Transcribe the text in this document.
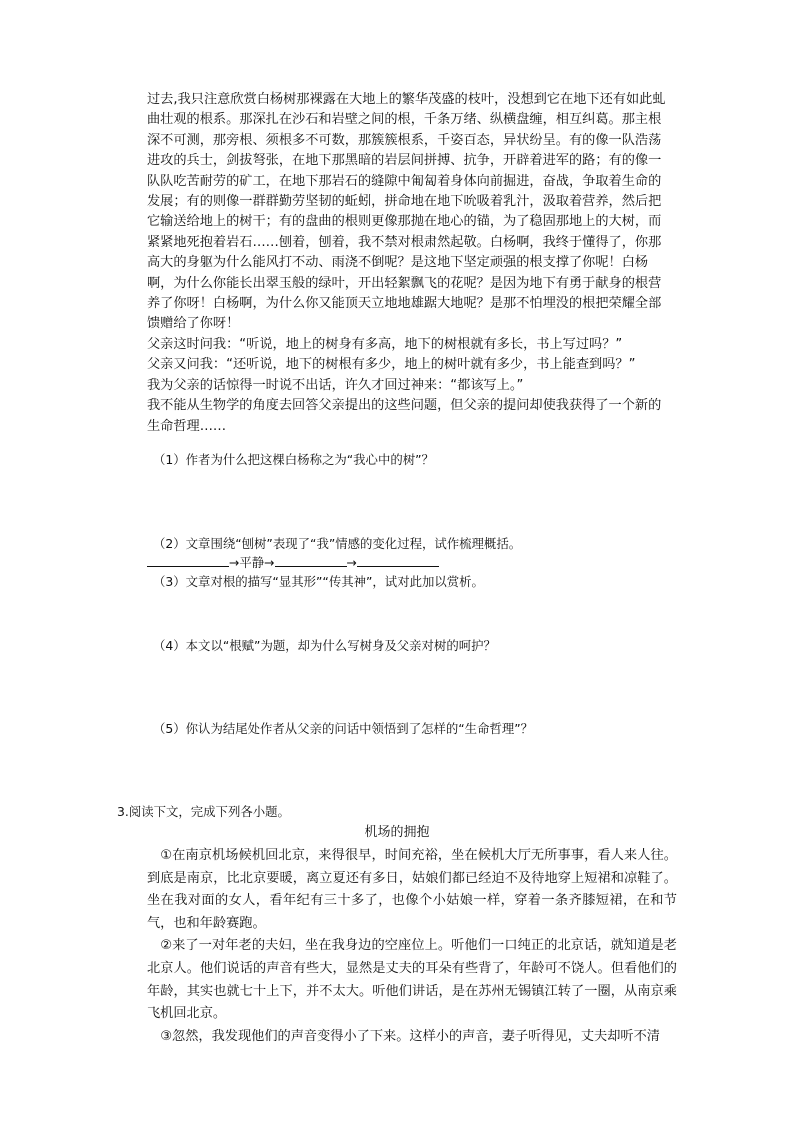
过去,我只注意欣赏白杨树那裸露在大地上的繁华茂盛的枝叶，没想到它在地下还有如此虬曲壮观的根系。那深扎在沙石和岩壁之间的根，千条万绪、纵横盘缠，相互纠葛。那主根深不可测，那旁根、须根多不可数，那簇簇根系，千姿百态，异状纷呈。有的像一队浩荡进攻的兵士，剑拔弩张，在地下那黑暗的岩层间拼搏、抗争，开辟着进军的路；有的像一队队吃苦耐劳的矿工，在地下那岩石的缝隙中匍匐着身体向前掘进，奋战，争取着生命的发展；有的则像一群群勤劳坚韧的蚯蚓，拼命地在地下吮吸着乳汁，汲取着营养，然后把它输送给地上的树干；有的盘曲的根则更像那抛在地心的锚，为了稳固那地上的大树，而紧紧地死抱着岩石……刨着，刨着，我不禁对根肃然起敬。白杨啊，我终于懂得了，你那高大的身躯为什么能风打不动、雨浇不倒呢？是这地下坚定顽强的根支撑了你呢！白杨啊，为什么你能长出翠玉般的绿叶，开出轻絮飘飞的花呢？是因为地下有勇于献身的根营养了你呀！白杨啊，为什么你又能顶天立地地雄踞大地呢？是那不怕埋没的根把荣耀全部馈赠给了你呀！

父亲这时问我：“听说，地上的树身有多高，地下的树根就有多长，书上写过吗？”

父亲又问我：“还听说，地下的树根有多少，地上的树叶就有多少，书上能查到吗？”

我为父亲的话惊得一时说不出话，许久才回过神来：“都该写上。”

我不能从生物学的角度去回答父亲提出的这些问题，但父亲的提问却使我获得了一个新的生命哲理……

（1）作者为什么把这棵白杨称之为“我心中的树”？
（2）文章围绕“刨树”表现了“我”情感的变化过程，试作梳理概括。
→平静→	→
（3）文章对根的描写“显其形”“传其神”，试对此加以赏析。
（4）本文以“根赋”为题，却为什么写树身及父亲对树的呵护？
（5）你认为结尾处作者从父亲的问话中领悟到了怎样的“生命哲理”？
3.阅读下文，完成下列各小题。
机场的拥抱

①在南京机场候机回北京，来得很早，时间充裕，坐在候机大厅无所事事，看人来人往。到底是南京，比北京要暖，离立夏还有多日，姑娘们都已经迫不及待地穿上短裙和凉鞋了。坐在我对面的女人，看年纪有三十多了，也像个小姑娘一样，穿着一条齐膝短裙，在和节气，也和年龄赛跑。

②来了一对年老的夫妇，坐在我身边的空座位上。听他们一口纯正的北京话，就知道是老北京人。他们说话的声音有些大，显然是丈夫的耳朵有些背了，年龄可不饶人。但看他们的年龄，其实也就七十上下，并不太大。听他们讲话，是在苏州无锡镇江转了一圈，从南京乘飞机回北京。

③忽然，我发现他们的声音变得小了下来。这样小的声音，妻子听得见，丈夫却听不清
